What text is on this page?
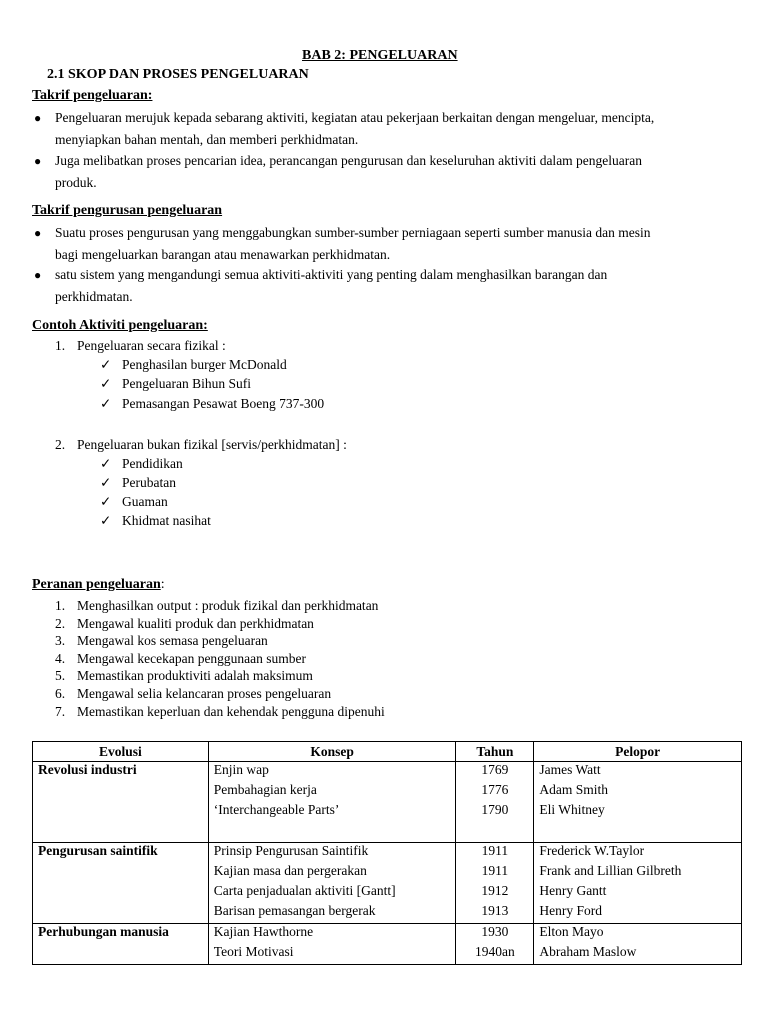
BAB 2: PENGELUARAN
2.1 SKOP DAN PROSES PENGELUARAN
Takrif pengeluaran:
● Pengeluaran merujuk kepada sebarang aktiviti, kegiatan atau pekerjaan berkaitan dengan mengeluar, mencipta,
menyiapkan bahan mentah, dan memberi perkhidmatan.
● Juga melibatkan proses pencarian idea, perancangan pengurusan dan keseluruhan aktiviti dalam pengeluaran
produk.
Takrif pengurusan pengeluaran
● Suatu proses pengurusan yang menggabungkan sumber-sumber perniagaan seperti sumber manusia dan mesin
bagi mengeluarkan barangan atau menawarkan perkhidmatan.
● satu sistem yang mengandungi semua aktiviti-aktiviti yang penting dalam menghasilkan barangan dan
perkhidmatan.
Contoh Aktiviti pengeluaran:
1. Pengeluaran secara fizikal :
✓ Penghasilan burger McDonald
✓ Pengeluaran Bihun Sufi
✓ Pemasangan Pesawat Boeng 737-300
2. Pengeluaran bukan fizikal [servis/perkhidmatan] :
✓ Pendidikan
✓ Perubatan
✓ Guaman
✓ Khidmat nasihat
Peranan pengeluaran:
1. Menghasilkan output : produk fizikal dan perkhidmatan
2. Mengawal kualiti produk dan perkhidmatan
3. Mengawal kos semasa pengeluaran
4. Mengawal kecekapan penggunaan sumber
5. Memastikan produktiviti adalah maksimum
6. Mengawal selia kelancaran proses pengeluaran
7. Memastikan keperluan dan kehendak pengguna dipenuhi
Evolusi	Konsep	Tahun	Pelopor
Revolusi industri	Enjin wap	1769	James Watt
	Pembahagian kerja	1776	Adam Smith
	‘Interchangeable Parts’	1790	Eli Whitney

Pengurusan saintifik	Prinsip Pengurusan Saintifik	1911	Frederick W.Taylor
	Kajian masa dan pergerakan	1911	Frank and Lillian Gilbreth
	Carta penjadualan aktiviti [Gantt]	1912	Henry Gantt
	Barisan pemasangan bergerak	1913	Henry Ford
Perhubungan manusia	Kajian Hawthorne	1930	Elton Mayo
	Teori Motivasi	1940an	Abraham Maslow
